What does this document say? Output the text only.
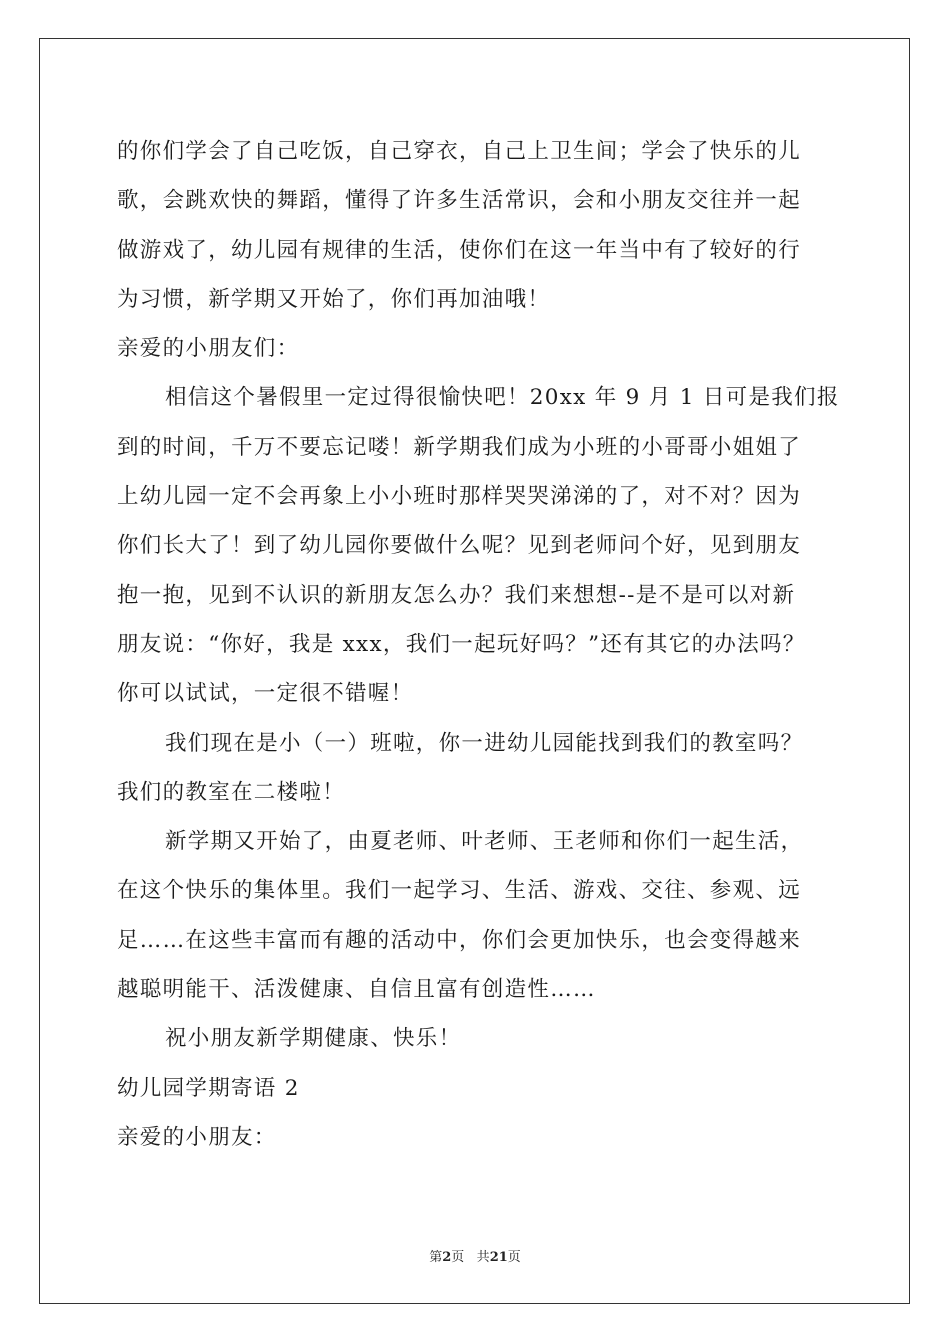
的你们学会了自己吃饭，自己穿衣，自己上卫生间；学会了快乐的儿
歌，会跳欢快的舞蹈，懂得了许多生活常识，会和小朋友交往并一起
做游戏了，幼儿园有规律的生活，使你们在这一年当中有了较好的行
为习惯，新学期又开始了，你们再加油哦！
亲爱的小朋友们：
相信这个暑假里一定过得很愉快吧！20xx 年 9 月 1 日可是我们报
到的时间，千万不要忘记喽！新学期我们成为小班的小哥哥小姐姐了
上幼儿园一定不会再象上小小班时那样哭哭涕涕的了，对不对？因为
你们长大了！到了幼儿园你要做什么呢？见到老师问个好，见到朋友
抱一抱，见到不认识的新朋友怎么办？我们来想想--是不是可以对新
朋友说：“你好，我是 xxx，我们一起玩好吗？”还有其它的办法吗？
你可以试试，一定很不错喔！
我们现在是小（一）班啦，你一进幼儿园能找到我们的教室吗？
我们的教室在二楼啦！
新学期又开始了，由夏老师、叶老师、王老师和你们一起生活，
在这个快乐的集体里。我们一起学习、生活、游戏、交往、参观、远
足……在这些丰富而有趣的活动中，你们会更加快乐，也会变得越来
越聪明能干、活泼健康、自信且富有创造性……
祝小朋友新学期健康、快乐！
幼儿园学期寄语 2
亲爱的小朋友：
第2页 共21页
